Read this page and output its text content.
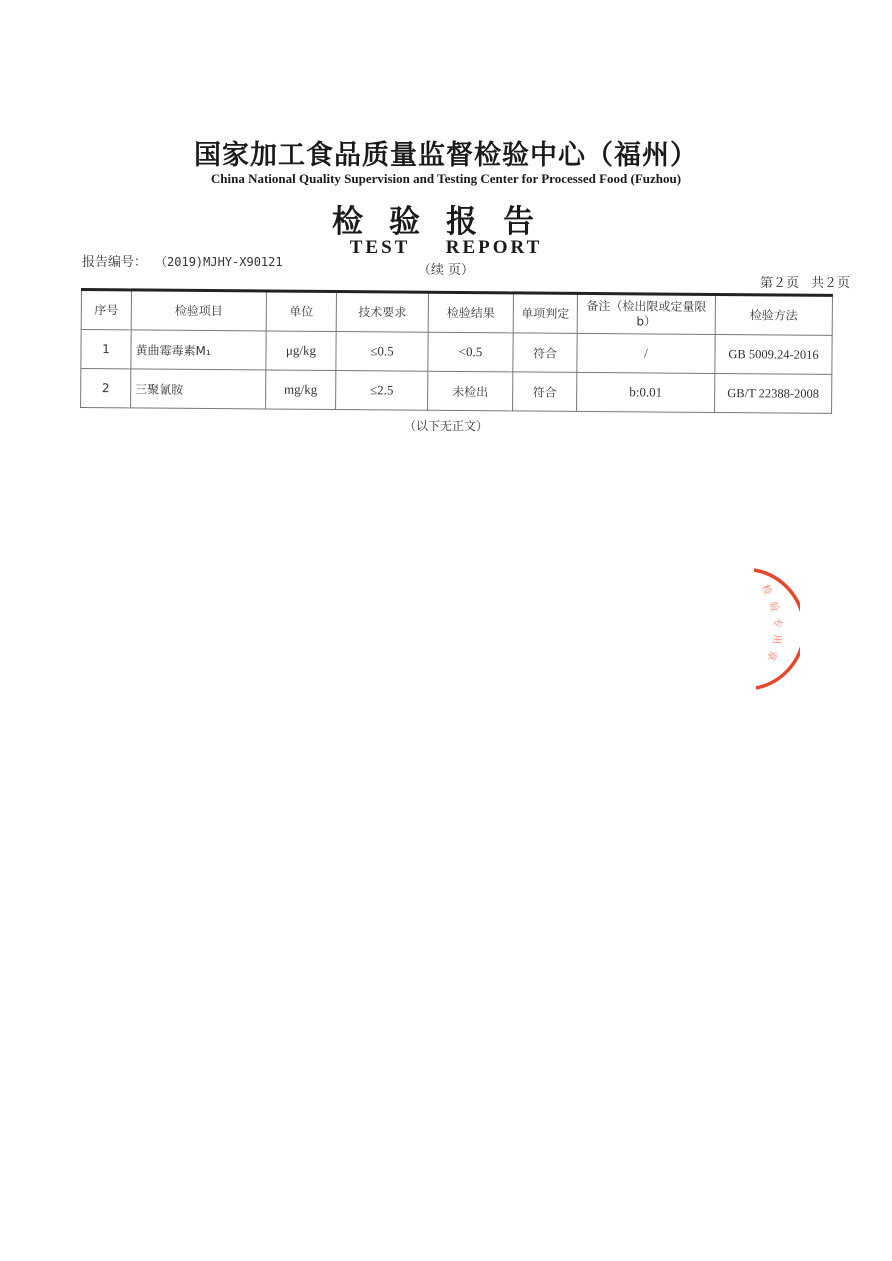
国家加工食品质量监督检验中心（福州）
China National Quality Supervision and Testing Center for Processed Food (Fuzhou)
检验报告
TEST REPORT
报告编号： （2019)MJHY-X90121
（续 页）
第２页 共２页
序号	检验项目	单位	技术要求	检验结果	单项判定	备注（检出限或定量限b）	检验方法
1	黄曲霉毒素M₁	μg/kg	≤0.5	<0.5	符合	/	GB 5009.24-2016
2	三聚氰胺	mg/kg	≤2.5	未检出	符合	b:0.01	GB/T 22388-2008
（以下无正文）
检
验
专
用
章
